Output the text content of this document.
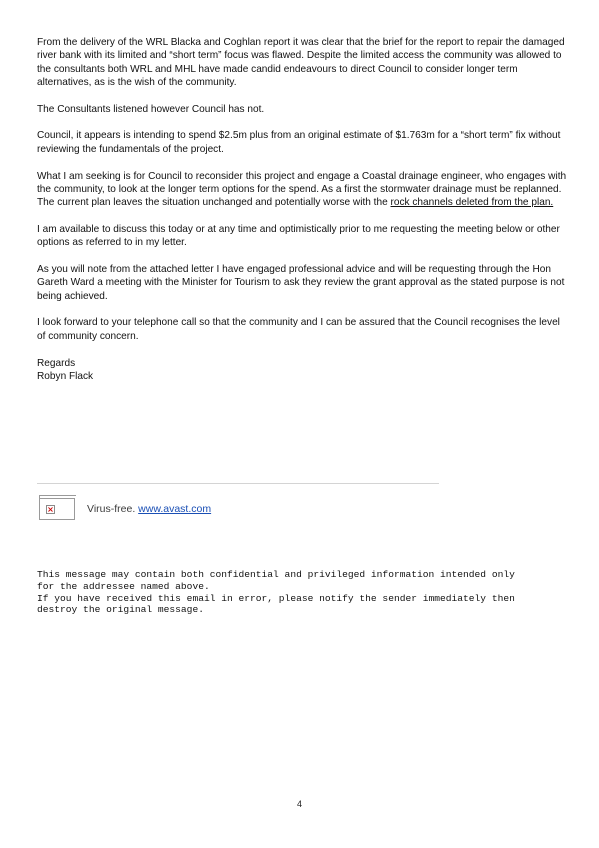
From the delivery of the WRL Blacka and Coghlan report it was clear that the brief for the report to repair the damaged river bank with its limited and “short term” focus was flawed. Despite the limited access the community was allowed to the consultants both WRL and MHL have made candid endeavours to direct Council to consider longer term alternatives, as is the wish of the community.

The Consultants listened however Council has not.

Council, it appears is intending to spend $2.5m plus from an original estimate of $1.763m for a “short term” fix without reviewing the fundamentals of the project.

What I am seeking is for Council to reconsider this project and engage a Coastal drainage engineer, who engages with the community, to look at the longer term options for the spend. As a first the stormwater drainage must be replanned. The current plan leaves the situation unchanged and potentially worse with the rock channels deleted from the plan.

I am available to discuss this today or at any time and optimistically prior to me requesting the meeting below or other options as referred to in my letter.

As you will note from the attached letter I have engaged professional advice and will be requesting through the Hon Gareth Ward a meeting with the Minister for Tourism to ask they review the grant approval as the stated purpose is not being achieved.

I look forward to your telephone call so that the community and I can be assured that the Council recognises the level of community concern.

Regards

Robyn Flack

×	Virus-free. www.avast.com
This message may contain both confidential and privileged information intended only
for the addressee named above.
If you have received this email in error, please notify the sender immediately then
destroy the original message.
4
